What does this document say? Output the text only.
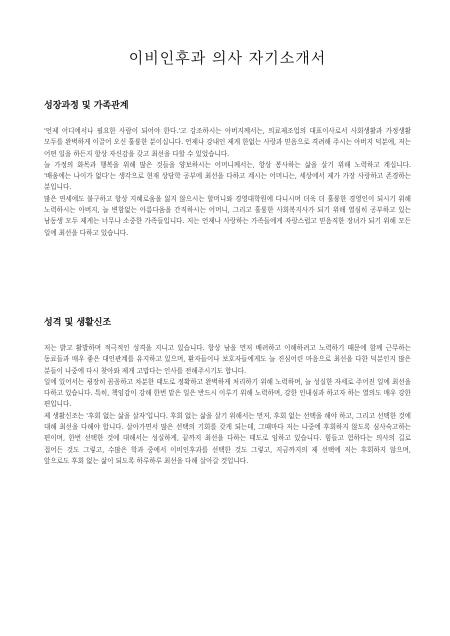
이비인후과 의사 자기소개서
성장과정 및 가족관계

'언제 어디에서나 필요한 사람이 되어야 한다.'고 강조하시는 아버지께서는, 의료제조업의 대표이사로서 사회생활과 가정생활 모두를 완벽하게 이끌어 오신 훌륭한 분이십니다. 언제나 강내인 제게 한없는 사랑과 믿음으로 격려해 주시는 아버지 덕분에, 저는 어떤 일을 하든지 항상 자신감을 갖고 최선을 다할 수 있었습니다.

늘 가정의 화목과 행복을 위해 많은 것들을 양보하시는 어머니께서는, 항상 봉사하는 삶을 살기 위해 노력하고 계십니다. '배움에는 나이가 없다'는 생각으로 현재 상담학 공부에 최선을 다하고 계시는 어머니는, 세상에서 제가 가장 사랑하고 존경하는 분입니다.

많은 연세에도 불구하고 항상 지혜로움을 잃지 않으시는 할머니와 경영대학원에 다니시며 더욱 더 훌륭한 경영인이 되시기 위해 노력하시는 아버지, 늘 변함없는 아름다움을 간직하시는 어머니, 그리고 훌륭한 사회복지사가 되기 위해 열심히 공부하고 있는 남동생 모두 제게는 너무나 소중한 가족들입니다. 저는 언제나 사랑하는 가족들에게 자랑스럽고 믿음직한 장녀가 되기 위해 모든 일에 최선을 다하고 있습니다.

성격 및 생활신조

저는 밝고 활발하며 적극적인 성격을 지니고 있습니다. 항상 남을 먼저 배려하고 이해하려고 노력하기 때문에 함께 근무하는 동료들과 매우 좋은 대인관계를 유지하고 있으며, 환자들이나 보호자들에게도 늘 진심어린 마음으로 최선을 다한 덕분인지 많은 분들이 나중에 다시 찾아와 제게 고맙다는 인사를 전해주시기도 합니다.

일에 있어서는 굉장히 꼼꼼하고 차분한 태도로 정확하고 완벽하게 처리하기 위해 노력하며, 늘 성실한 자세로 주어진 일에 최선을 다하고 있습니다. 특히, 책임감이 강해 한번 맡은 일은 반드시 이루기 위해 노력하며, 강한 인내심과 하고자 하는 열의도 매우 강한 편입니다.

제 생활신조는 '후회 없는 삶을 살자'입니다. 후회 없는 삶을 살기 위해서는 먼저, 후회 없는 선택을 해야 하고, 그리고 선택한 것에 대해 최선을 다해야 합니다. 살아가면서 많은 선택의 기회를 갖게 되는데, 그때마다 저는 나중에 후회하지 않도록 심사숙고하는 편이며, 한번 선택한 것에 대해서는 성실하게, 끝까지 최선을 다하는 태도로 임하고 있습니다. 힘들고 험하다는 의사의 길로 접어든 것도 그렇고, 수많은 학과 중에서 이비인후과를 선택한 것도 그렇고, 지금까지의 제 선택에 저는 후회하지 않으며, 앞으로도 후회 없는 삶이 되도록 하루하루 최선을 다해 살아갈 것입니다.
